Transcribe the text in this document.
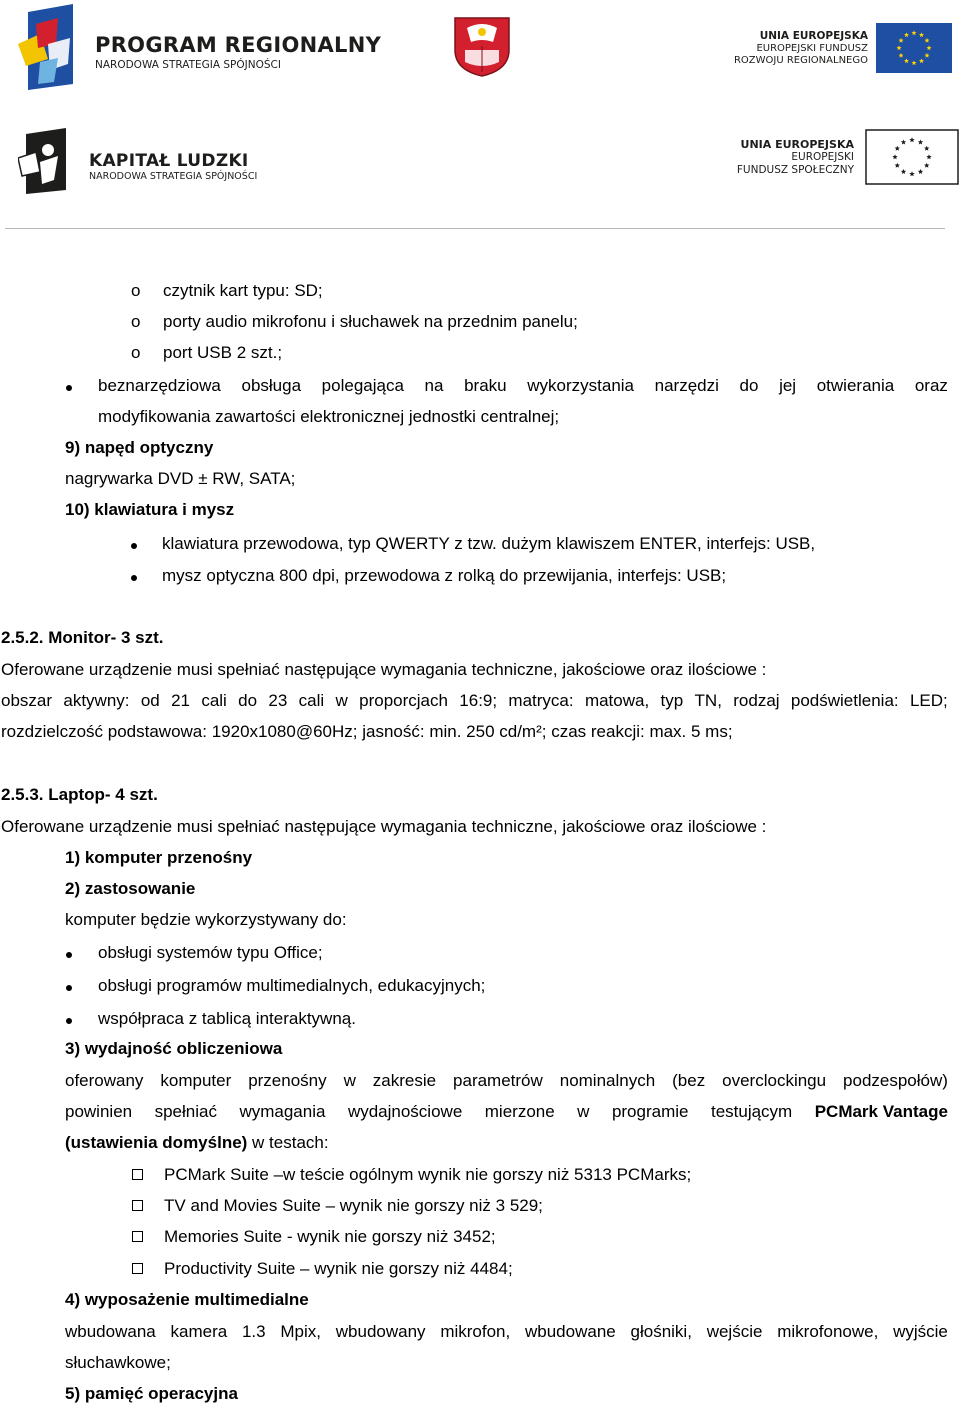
PROGRAM REGIONALNY
NARODOWA STRATEGIA SPÓJNOŚCI
UNIA EUROPEJSKA
EUROPEJSKI FUNDUSZ
ROZWOJU REGIONALNEGO
KAPITAŁ LUDZKI
NARODOWA STRATEGIA SPÓJNOŚCI
UNIA EUROPEJSKA
EUROPEJSKI
FUNDUSZ SPOŁECZNY
o czytnik kart typu: SD;
o porty audio mikrofonu i słuchawek na przednim panelu;
o port USB 2 szt.;
beznarzędziowa obsługa polegająca na braku wykorzystania narzędzi do jej otwierania oraz
modyfikowania zawartości elektronicznej jednostki centralnej;
9) napęd optyczny
nagrywarka DVD ± RW, SATA;
10) klawiatura i mysz
klawiatura przewodowa, typ QWERTY z tzw. dużym klawiszem ENTER, interfejs: USB,
mysz optyczna 800 dpi, przewodowa z rolką do przewijania, interfejs: USB;
2.5.2. Monitor- 3 szt.
Oferowane urządzenie musi spełniać następujące wymagania techniczne, jakościowe oraz ilościowe :
obszar aktywny: od 21 cali do 23 cali w proporcjach 16:9; matryca: matowa, typ TN, rodzaj podświetlenia: LED;
rozdzielczość podstawowa: 1920x1080@60Hz; jasność: min. 250 cd/m²; czas reakcji: max. 5 ms;
2.5.3. Laptop- 4 szt.
Oferowane urządzenie musi spełniać następujące wymagania techniczne, jakościowe oraz ilościowe :
1) komputer przenośny
2) zastosowanie
komputer będzie wykorzystywany do:
obsługi systemów typu Office;
obsługi programów multimedialnych, edukacyjnych;
współpraca z tablicą interaktywną.
3) wydajność obliczeniowa
oferowany komputer przenośny w zakresie parametrów nominalnych (bez overclockingu podzespołów)
powinien spełniać wymagania wydajnościowe mierzone w programie testującym PCMark Vantage
(ustawienia domyślne) w testach:
PCMark Suite –w teście ogólnym wynik nie gorszy niż 5313 PCMarks;
TV and Movies Suite – wynik nie gorszy niż 3 529;
Memories Suite - wynik nie gorszy niż 3452;
Productivity Suite – wynik nie gorszy niż 4484;
4) wyposażenie multimedialne
wbudowana kamera 1.3 Mpix, wbudowany mikrofon, wbudowane głośniki, wejście mikrofonowe, wyjście
słuchawkowe;
5) pamięć operacyjna
